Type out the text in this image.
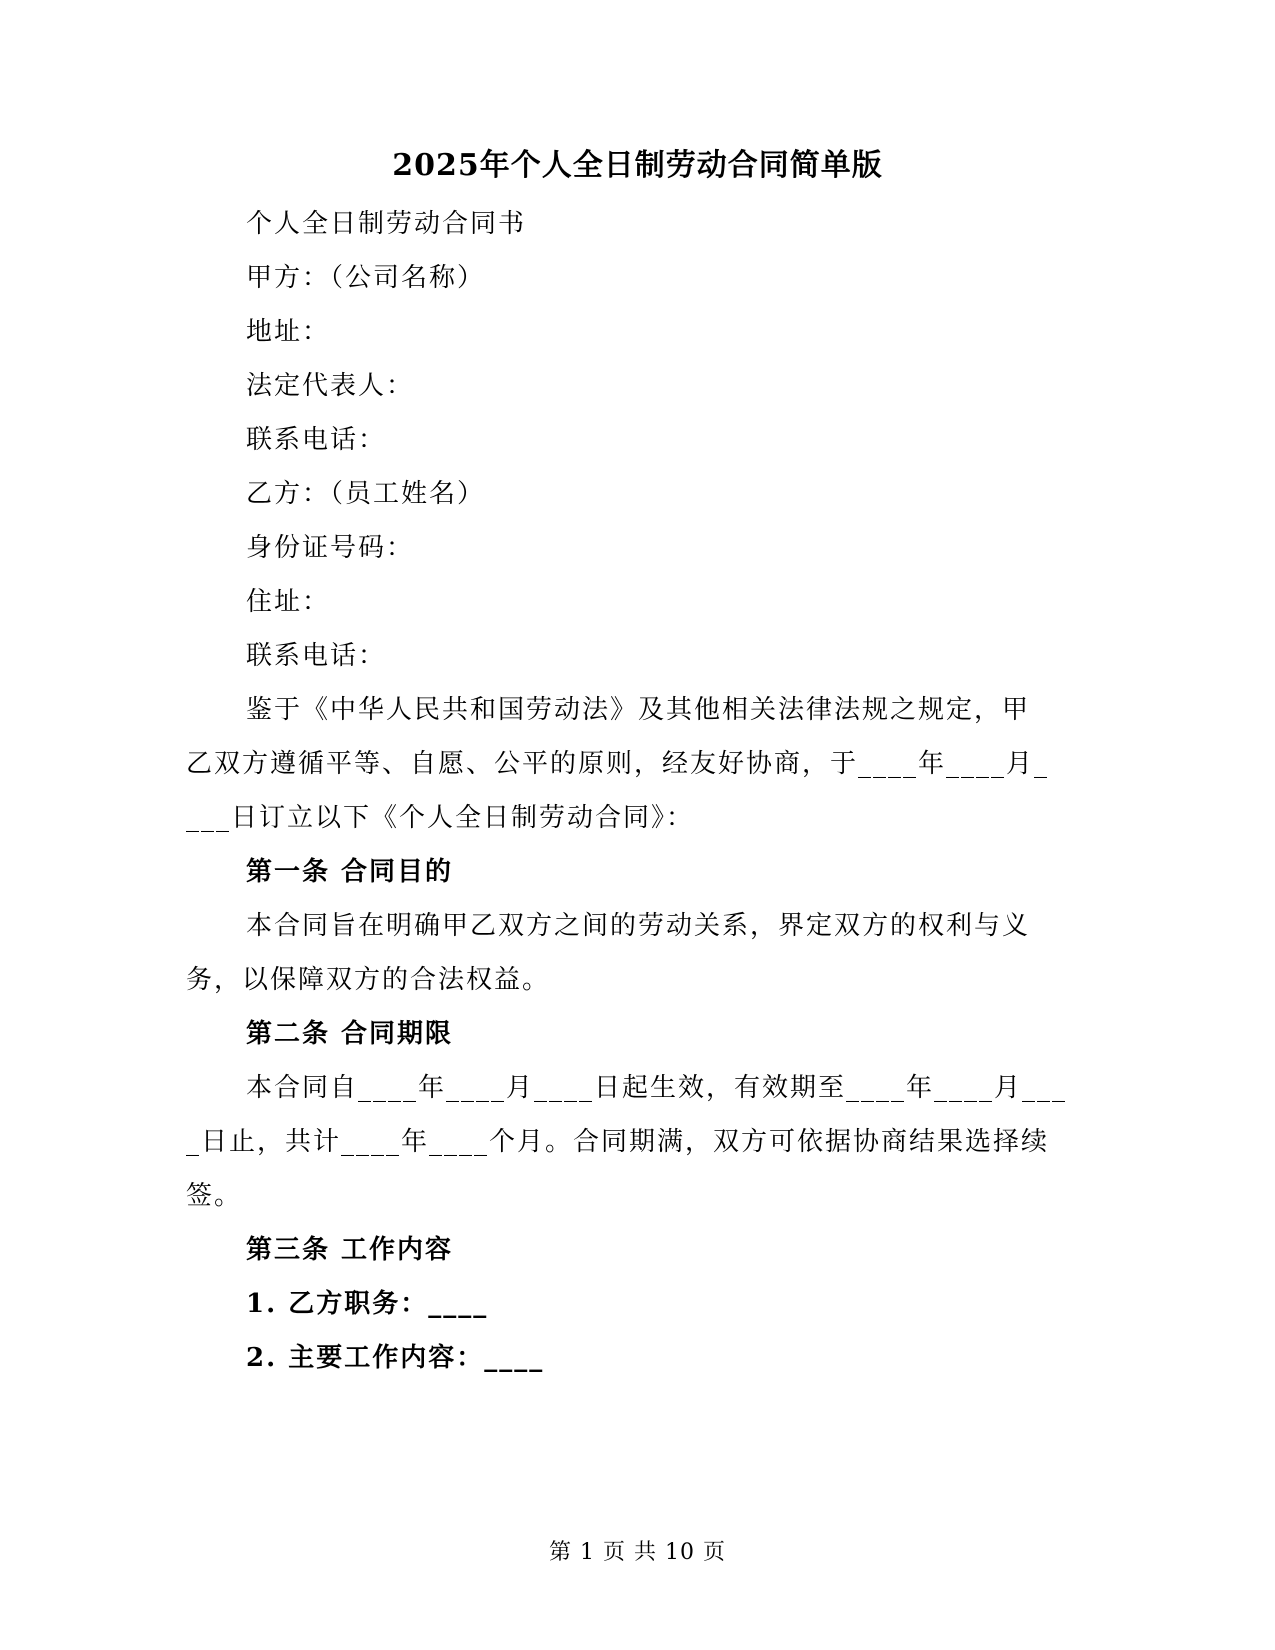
2025年个人全日制劳动合同简单版
个人全日制劳动合同书
甲方：（公司名称）
地址：
法定代表人：
联系电话：
乙方：（员工姓名）
身份证号码：
住址：
联系电话：
鉴于《中华人民共和国劳动法》及其他相关法律法规之规定，甲
乙双方遵循平等、自愿、公平的原则，经友好协商，于____年____月_
___日订立以下《个人全日制劳动合同》：
第一条 合同目的
本合同旨在明确甲乙双方之间的劳动关系，界定双方的权利与义
务，以保障双方的合法权益。
第二条 合同期限
本合同自____年____月____日起生效，有效期至____年____月___
_日止，共计____年____个月。合同期满，双方可依据协商结果选择续
签。
第三条 工作内容
1. 乙方职务：____
2. 主要工作内容：____
第 1 页 共 10 页
